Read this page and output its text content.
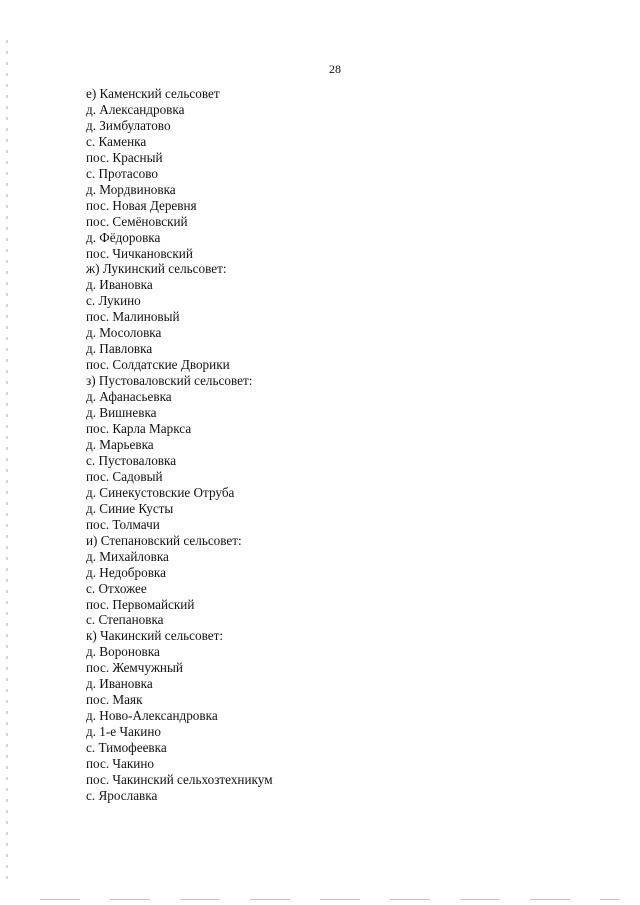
28
е) Каменский сельсовет
д. Александровка
д. Зимбулатово
с. Каменка
пос. Красный
с. Протасово
д. Мордвиновка
пос. Новая Деревня
пос. Семёновский
д. Фёдоровка
пос. Чичкановский
ж) Лукинский сельсовет:
д. Ивановка
с. Лукино
пос. Малиновый
д. Мосоловка
д. Павловка
пос. Солдатские Дворики
з) Пустоваловский сельсовет:
д. Афанасьевка
д. Вишневка
пос. Карла Маркса
д. Марьевка
с. Пустоваловка
пос. Садовый
д. Синекустовские Отруба
д. Синие Кусты
пос. Толмачи
и) Степановский сельсовет:
д. Михайловка
д. Недобровка
с. Отхожее
пос. Первомайский
с. Степановка
к) Чакинский сельсовет:
д. Вороновка
пос. Жемчужный
д. Ивановка
пос. Маяк
д. Ново-Александровка
д. 1-е Чакино
с. Тимофеевка
пос. Чакино
пос. Чакинский сельхозтехникум
с. Ярославка
